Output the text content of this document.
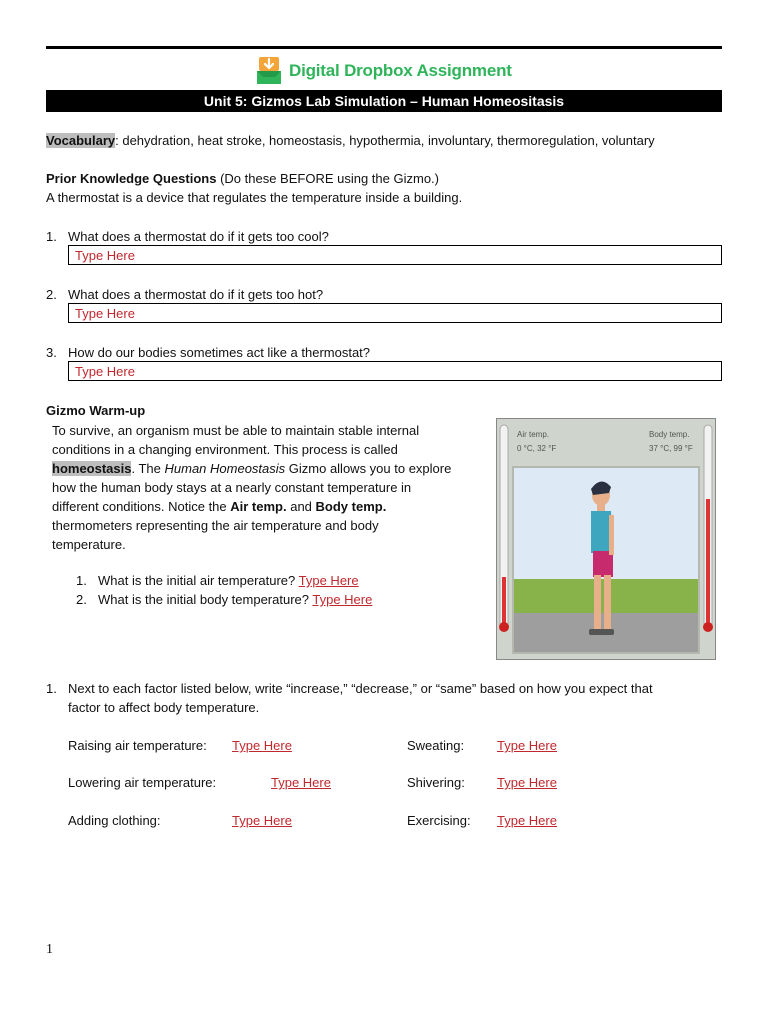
Digital Dropbox Assignment
Unit 5: Gizmos Lab Simulation – Human Homeositasis
Vocabulary: dehydration, heat stroke, homeostasis, hypothermia, involuntary, thermoregulation, voluntary
Prior Knowledge Questions (Do these BEFORE using the Gizmo.)
A thermostat is a device that regulates the temperature inside a building.
1. What does a thermostat do if it gets too cool?
Type Here
2. What does a thermostat do if it gets too hot?
Type Here
3. How do our bodies sometimes act like a thermostat?
Type Here
Gizmo Warm-up
To survive, an organism must be able to maintain stable internal
conditions in a changing environment. This process is called
homeostasis. The Human Homeostasis Gizmo allows you to explore
how the human body stays at a nearly constant temperature in
different conditions. Notice the Air temp. and Body temp.
thermometers representing the air temperature and body
temperature.
1. What is the initial air temperature? Type Here
2. What is the initial body temperature? Type Here
Air temp.
0 °C, 32 °F
Body temp.
37 °C, 99 °F
1. Next to each factor listed below, write “increase,” “decrease,” or “same” based on how you expect that
factor to affect body temperature.
Raising air temperature: Type Here	Sweating:	Type Here
Lowering air temperature:	Type Here	Shivering: Type Here
Adding clothing:	Type Here	Exercising: Type Here
1
